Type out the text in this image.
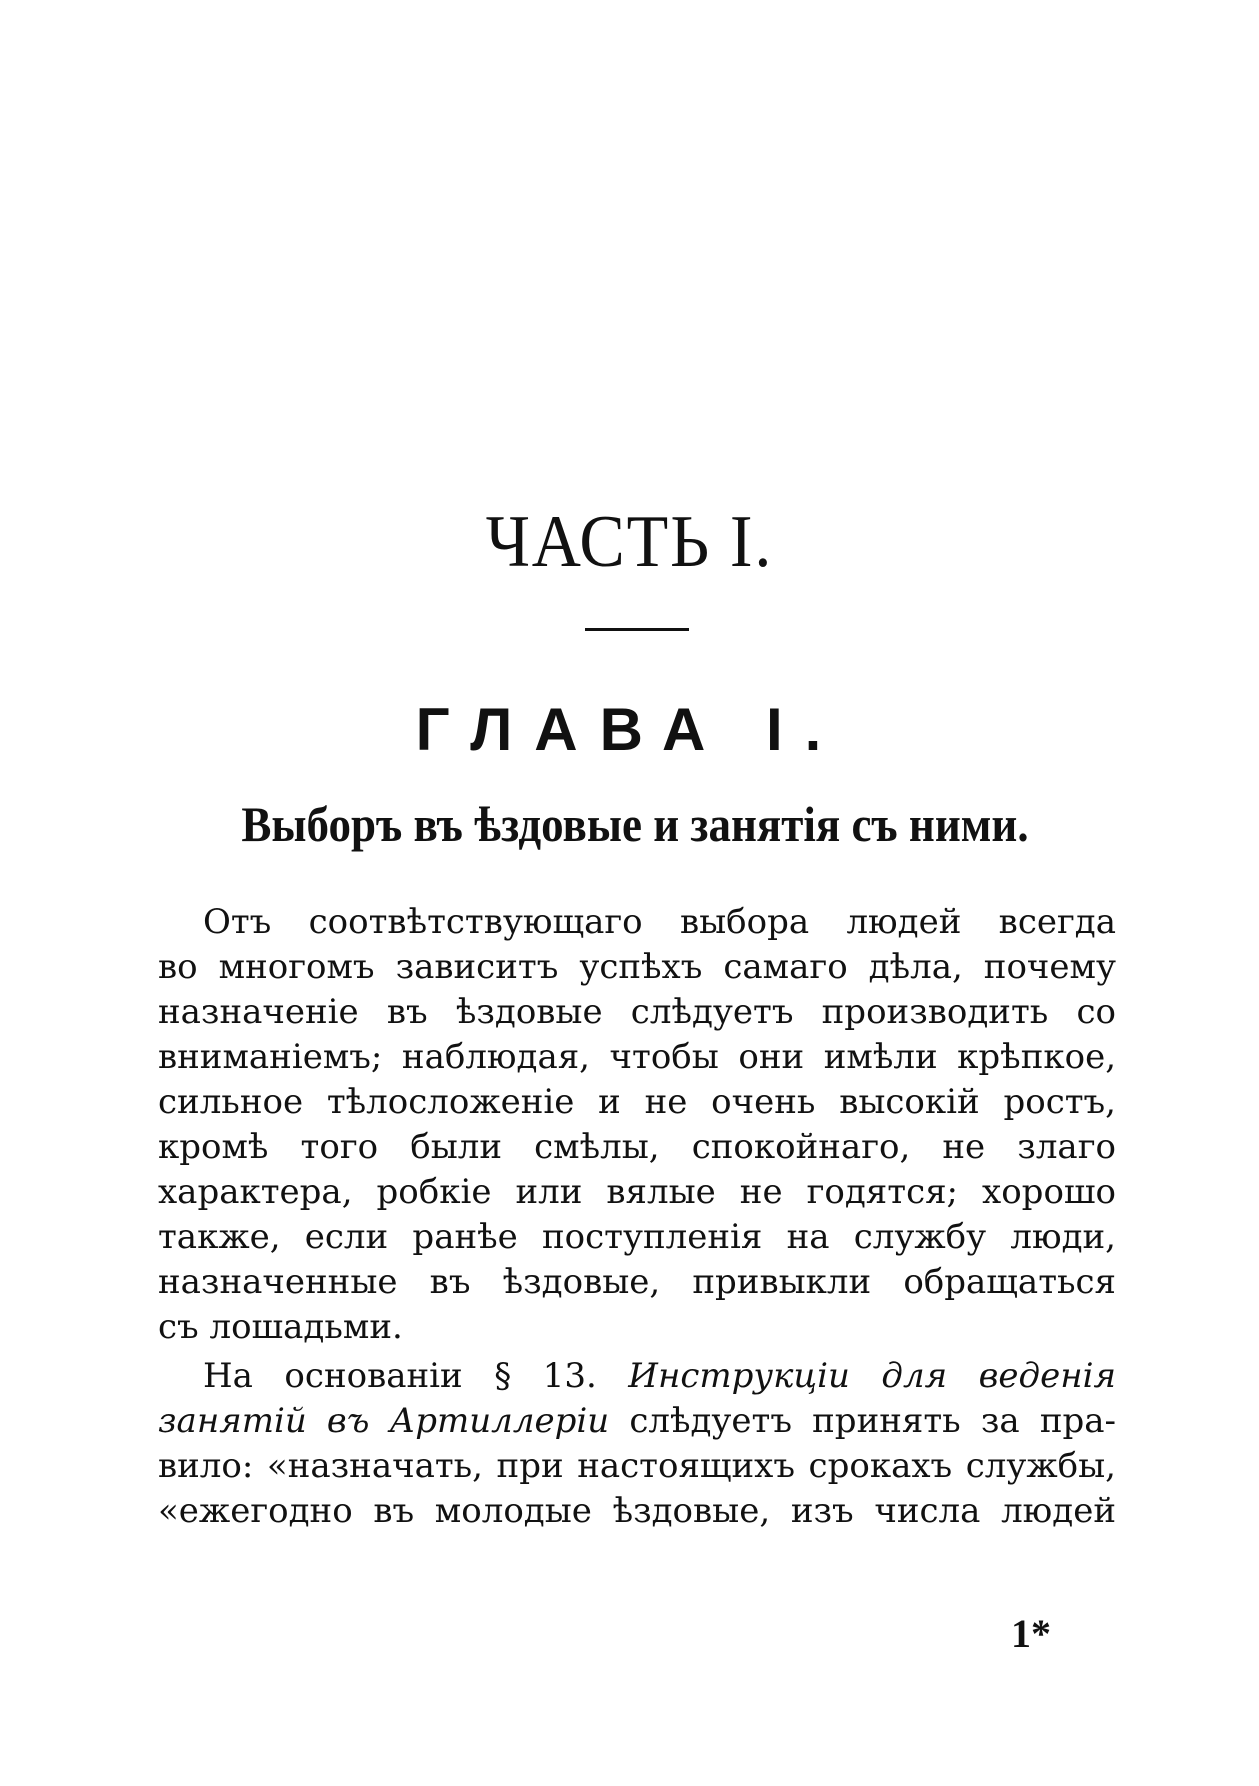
ЧАСТЬ I.
ГЛАВА I.
Выборъ въ ѣздовые и занятія съ ними.
Отъ соотвѣтствующаго выбора людей всегда
во многомъ зависитъ успѣхъ самаго дѣла, почему
назначеніе въ ѣздовые слѣдуетъ производить со
вниманіемъ; наблюдая, чтобы они имѣли крѣпкое,
сильное тѣлосложеніе и не очень высокій ростъ,
кромѣ того были смѣлы, спокойнаго, не злаго
характера, робкіе или вялые не годятся; хорошо
также, если ранѣе поступленія на службу люди,
назначенные въ ѣздовые, привыкли обращаться
съ лошадьми.
На основаніи § 13. Инструкціи для веденія
занятій въ Артиллеріи слѣдуетъ принять за пра-
вило: «назначать, при настоящихъ срокахъ службы,
«ежегодно въ молодые ѣздовые, изъ числа людей
1*
